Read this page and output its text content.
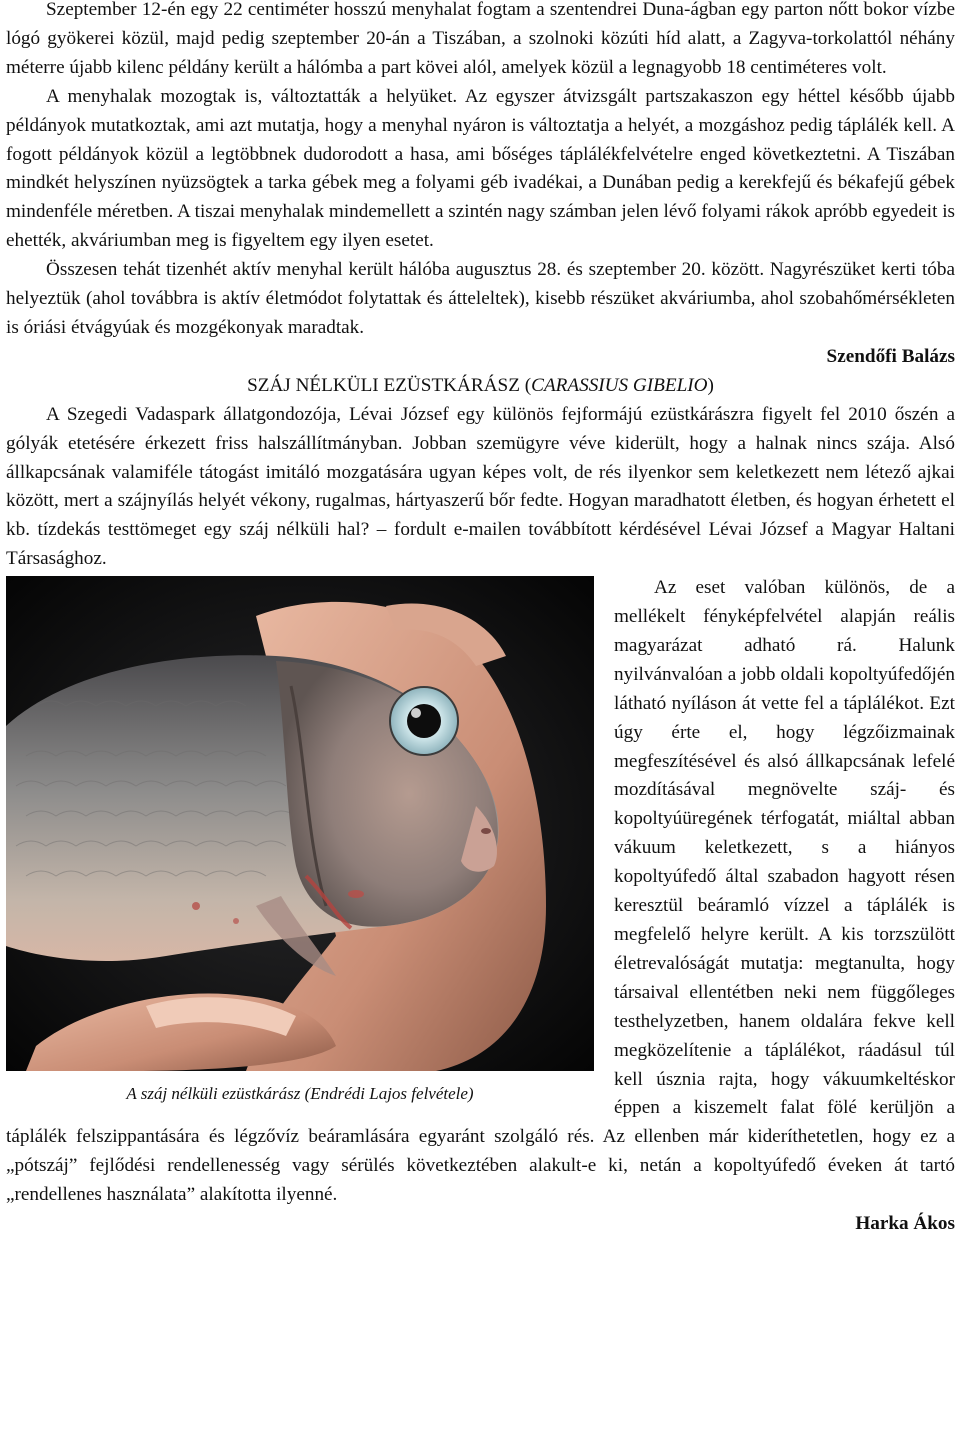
Szeptember 12-én egy 22 centiméter hosszú menyhalat fogtam a szentendrei Duna-ágban egy parton nőtt bokor vízbe lógó gyökerei közül, majd pedig szeptember 20-án a Tiszában, a szolnoki közúti híd alatt, a Zagyva-torkolattól néhány méterre újabb kilenc példány került a hálómba a part kövei alól, amelyek közül a legnagyobb 18 centiméteres volt.

A menyhalak mozogtak is, változtatták a helyüket. Az egyszer átvizsgált partszakaszon egy héttel később újabb példányok mutatkoztak, ami azt mutatja, hogy a menyhal nyáron is változtatja a helyét, a mozgáshoz pedig táplálék kell. A fogott példányok közül a legtöbbnek dudorodott a hasa, ami bőséges táplálékfelvételre enged következtetni. A Tiszában mindkét helyszínen nyüzsögtek a tarka gébek meg a folyami géb ivadékai, a Dunában pedig a kerekfejű és békafejű gébek mindenféle méretben. A tiszai menyhalak mindemellett a szintén nagy számban jelen lévő folyami rákok apróbb egyedeit is ehették, akváriumban meg is figyeltem egy ilyen esetet.

Összesen tehát tizenhét aktív menyhal került hálóba augusztus 28. és szeptember 20. között. Nagyrészüket kerti tóba helyeztük (ahol továbbra is aktív életmódot folytattak és átteleltek), kisebb részüket akváriumba, ahol szobahőmérsékleten is óriási étvágyúak és mozgékonyak maradtak.

Szendőfi Balázs

SZÁJ NÉLKÜLI EZÜSTKÁRÁSZ (CARASSIUS GIBELIO)

A Szegedi Vadaspark állatgondozója, Lévai József egy különös fejformájú ezüstkárászra figyelt fel 2010 őszén a gólyák etetésére érkezett friss halszállítmányban. Jobban szemügyre véve kiderült, hogy a halnak nincs szája. Alsó állkapcsának valamiféle tátogást imitáló mozgatására ugyan képes volt, de rés ilyenkor sem keletkezett nem létező ajkai között, mert a szájnyílás helyét vékony, rugalmas, hártyaszerű bőr fedte. Hogyan maradhatott életben, és hogyan érhetett el kb. tízdekás testtömeget egy száj nélküli hal? – fordult e-mailen továbbított kérdésével Lévai József a Magyar Haltani Társasághoz.

A száj nélküli ezüstkárász (Endrédi Lajos felvétele)

Az eset valóban különös, de a mellékelt fényképfelvétel alapján reális magyarázat adható rá. Halunk nyilvánvalóan a jobb oldali kopoltyúfedőjén látható nyíláson át vette fel a táplálékot. Ezt úgy érte el, hogy légzőizmainak megfeszítésével és alsó állkapcsának lefelé mozdításával megnövelte száj- és kopoltyúüregének térfogatát, miáltal abban vákuum keletkezett, s a hiányos kopoltyúfedő által szabadon hagyott résen keresztül beáramló vízzel a táplálék is megfelelő helyre került. A kis torzszülött életrevalóságát mutatja: megtanulta, hogy társaival ellentétben neki nem függőleges testhelyzetben, hanem oldalára fekve kell megközelítenie a táplálékot, ráadásul túl kell úsznia rajta, hogy vákuumkeltéskor éppen a kiszemelt falat fölé kerüljön a táplálék felszippantására és légzővíz beáramlására egyaránt szolgáló rés. Az ellenben már kideríthetetlen, hogy ez a „pótszáj” fejlődési rendellenesség vagy sérülés következtében alakult-e ki, netán a kopoltyúfedő éveken át tartó „rendellenes használata” alakította ilyenné.

Harka Ákos
